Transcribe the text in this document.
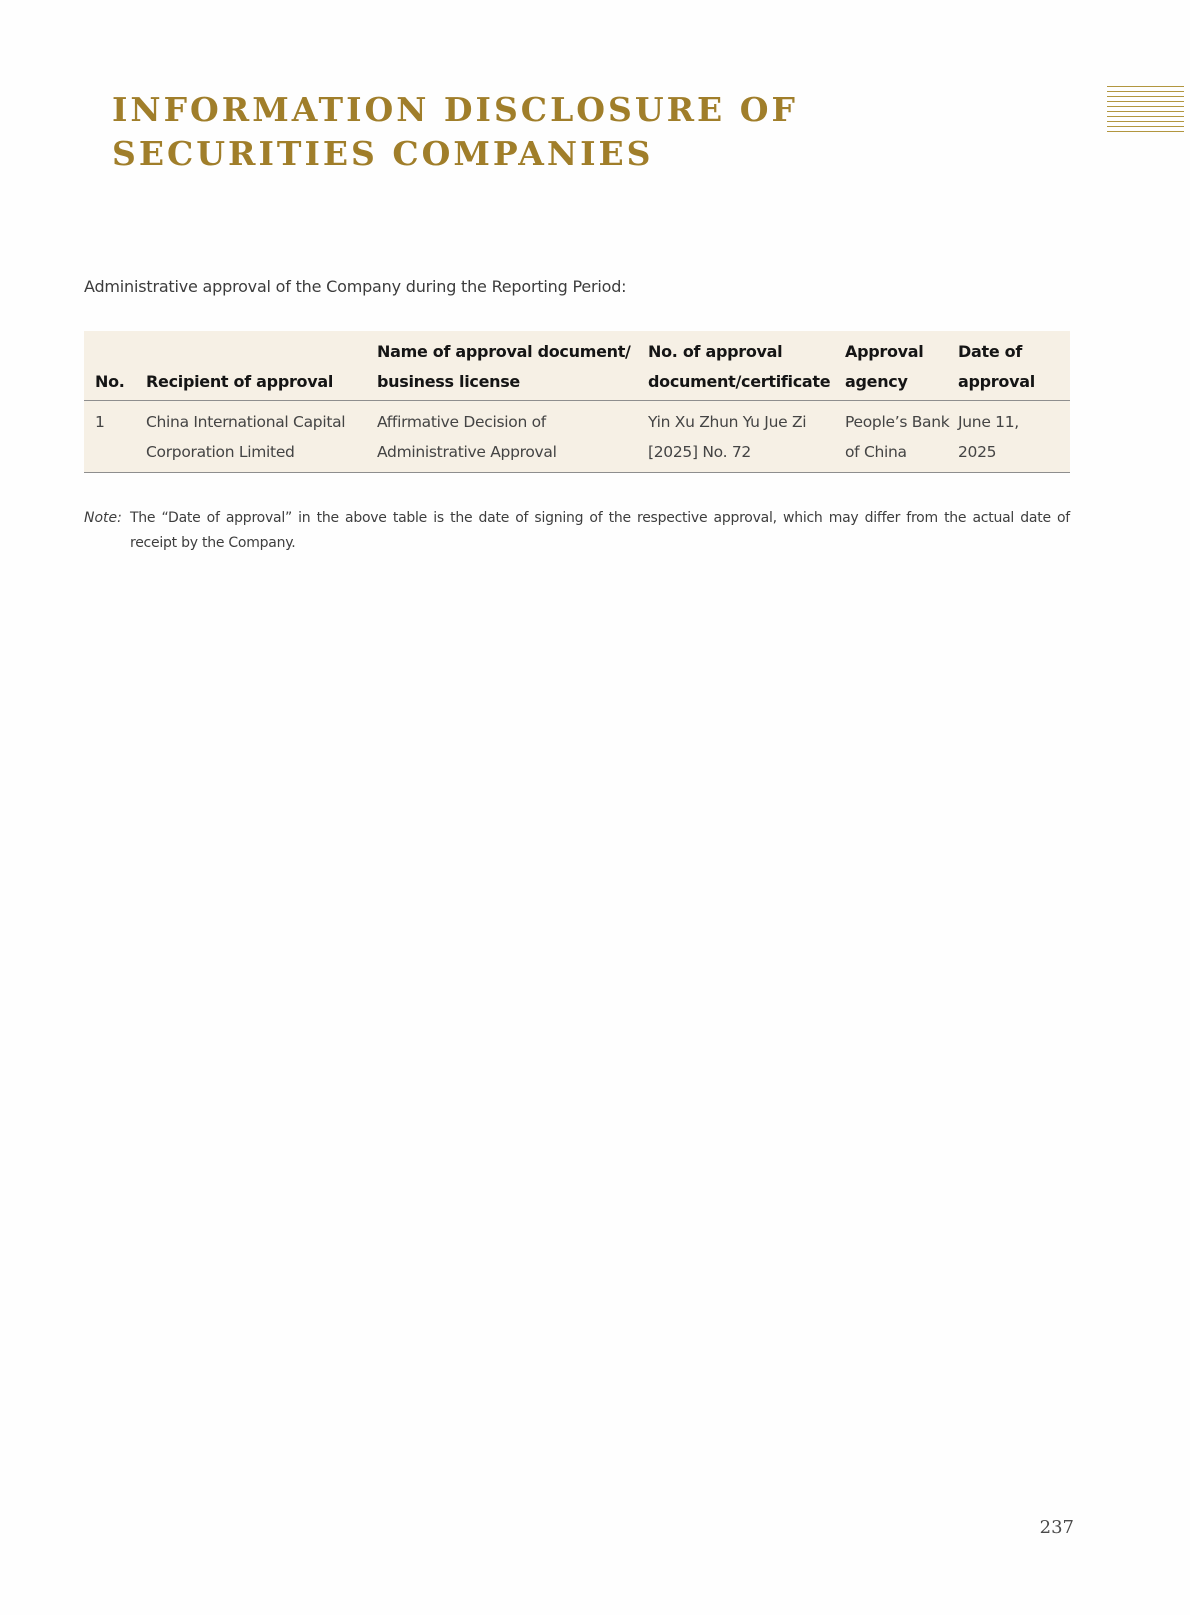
INFORMATION DISCLOSURE OF
SECURITIES COMPANIES
Administrative approval of the Company during the Reporting Period:
No. Recipient of approval
Name of approval document/
business license
No. of approval
document/certificate
Approval
agency
Date of
approval
1	China International Capital
Corporation Limited
Affirmative Decision of
Administrative Approval
Yin Xu Zhun Yu Jue Zi
[2025] No. 72
People’s Bank
of China
June 11,
2025
Note: The “Date of approval” in the above table is the date of signing of the respective approval, which may differ from the actual date of receipt by the Company.
237
